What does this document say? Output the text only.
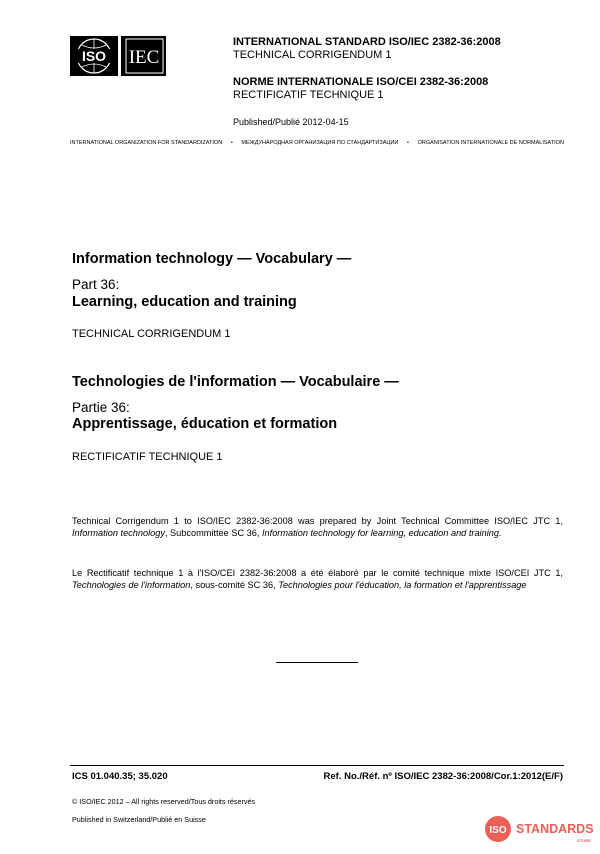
ISO IEC
INTERNATIONAL STANDARD ISO/IEC 2382-36:2008
TECHNICAL CORRIGENDUM 1
NORME INTERNATIONALE ISO/CEI 2382-36:2008
RECTIFICATIF TECHNIQUE 1
Published/Publié 2012-04-15
INTERNATIONAL ORGANIZATION FOR STANDARDIZATION • МЕЖДУНАРОДНАЯ ОРГАНИЗАЦИЯ ПО СТАНДАРТИЗАЦИИ • ORGANISATION INTERNATIONALE DE NORMALISATION
Information technology — Vocabulary —
Part 36:
Learning, education and training
TECHNICAL CORRIGENDUM 1
Technologies de l'information — Vocabulaire —
Partie 36:
Apprentissage, éducation et formation
RECTIFICATIF TECHNIQUE 1
Technical Corrigendum 1 to ISO/IEC 2382-36:2008 was prepared by Joint Technical Committee ISO/IEC JTC 1, Information technology, Subcommittee SC 36, Information technology for learning, education and training.
Le Rectificatif technique 1 à l'ISO/CEI 2382-36:2008 a été élaboré par le comité technique mixte ISO/CEI JTC 1, Technologies de l'information, sous-comité SC 36, Technologies pour l'éducation, la formation et l'apprentissage
ICS 01.040.35; 35.020	Ref. No./Réf. nº ISO/IEC 2382-36:2008/Cor.1:2012(E/F)
© ISO/IEC 2012 – All rights reserved/Tous droits réservés
Published in Switzerland/Publié en Suisse
ISO STANDARDS
STORE
